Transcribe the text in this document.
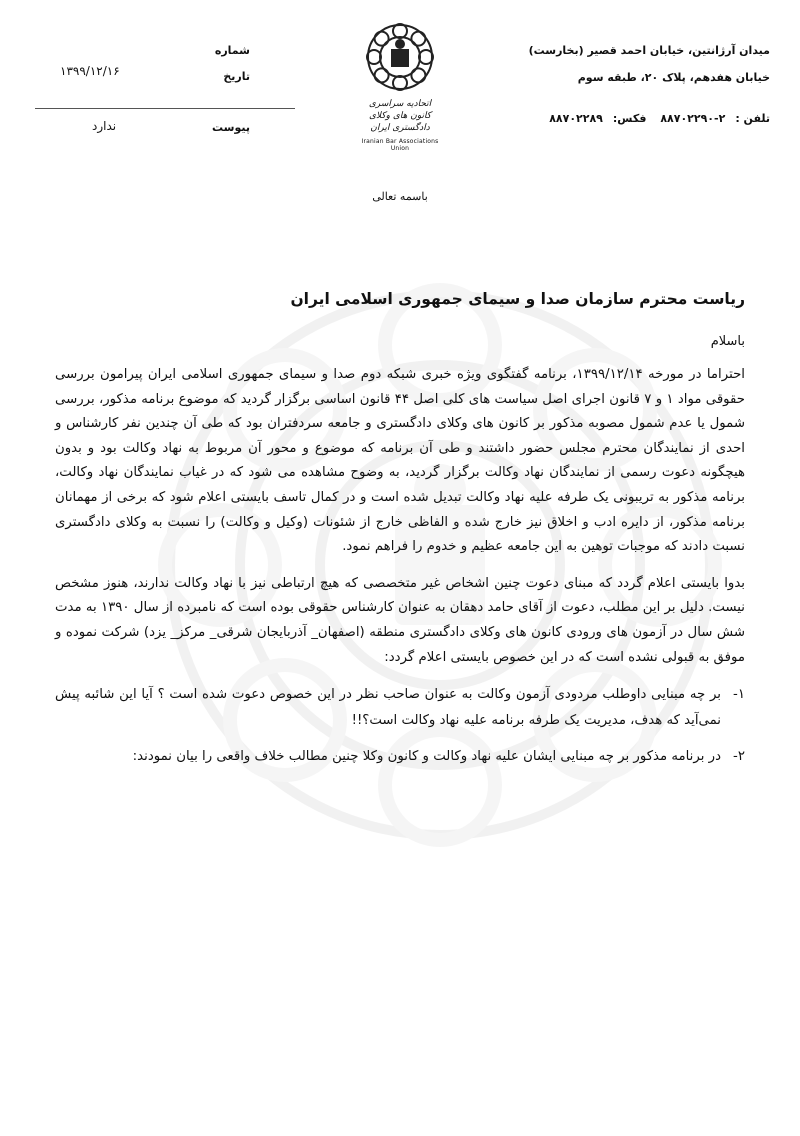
میدان آرژانتین، خیابان احمد قصیر (بخارست)
خیابان هفدهم، پلاک ۲۰، طبقه سوم
تلفن :۲-۸۸۷۰۲۲۹۰ فکس:۸۸۷۰۲۲۸۹
شماره
تاریخ
۱۳۹۹/۱۲/۱۶
پیوست
ندارد
اتحادیه سراسری
کانون های وکلای دادگستری ایران
Iranian Bar Associations Union
باسمه تعالی
ریاست محترم سازمان صدا و سیمای جمهوری اسلامی ایران
باسلام

احتراما در مورخه ۱۳۹۹/۱۲/۱۴، برنامه گفتگوی ویژه خبری شبکه دوم صدا و سیمای جمهوری اسلامی ایران پیرامون بررسی حقوقی مواد ۱ و ۷ قانون اجرای اصل سیاست های کلی اصل ۴۴ قانون اساسی برگزار گردید که موضوع برنامه مذکور، بررسی شمول یا عدم شمول مصوبه مذکور بر کانون های وکلای دادگستری و جامعه سردفتران بود که طی آن چندین نفر کارشناس و احدی از نمایندگان محترم مجلس حضور داشتند و طی آن برنامه که موضوع و محور آن مربوط به نهاد وکالت بود و بدون هیچگونه دعوت رسمی از نمایندگان نهاد وکالت برگزار گردید، به وضوح مشاهده می شود که در غیاب نمایندگان نهاد وکالت، برنامه مذکور به تریبونی یک طرفه علیه نهاد وکالت تبدیل شده است و در کمال تاسف بایستی اعلام شود که برخی از مهمانان برنامه مذکور، از دایره ادب و اخلاق نیز خارج شده و الفاظی خارج از شئونات (وکیل و وکالت) را نسبت به وکلای دادگستری نسبت دادند که موجبات توهین به این جامعه عظیم و خدوم را فراهم نمود.

بدوا بایستی اعلام گردد که مبنای دعوت چنین اشخاص غیر متخصصی که هیچ ارتباطی نیز با نهاد وکالت ندارند، هنوز مشخص نیست. دلیل بر این مطلب، دعوت از آقای حامد دهقان به عنوان کارشناس حقوقی بوده است که نامبرده از سال ۱۳۹۰ به مدت شش سال در آزمون های ورودی کانون های وکلای دادگستری منطقه (اصفهان_ آذربایجان شرقی_ مرکز_ یزد) شرکت نموده و موفق به قبولی نشده است که در این خصوص بایستی اعلام گردد:

۱-
بر چه مبنایی داوطلب مردودی آزمون وکالت به عنوان صاحب نظر در این خصوص دعوت شده است ؟ آیا این شائبه پیش نمی‌آید که هدف، مدیریت یک طرفه برنامه علیه نهاد وکالت است؟!!
۲-
در برنامه مذکور بر چه مبنایی ایشان علیه نهاد وکالت و کانون وکلا چنین مطالب خلاف واقعی را بیان نمودند:
